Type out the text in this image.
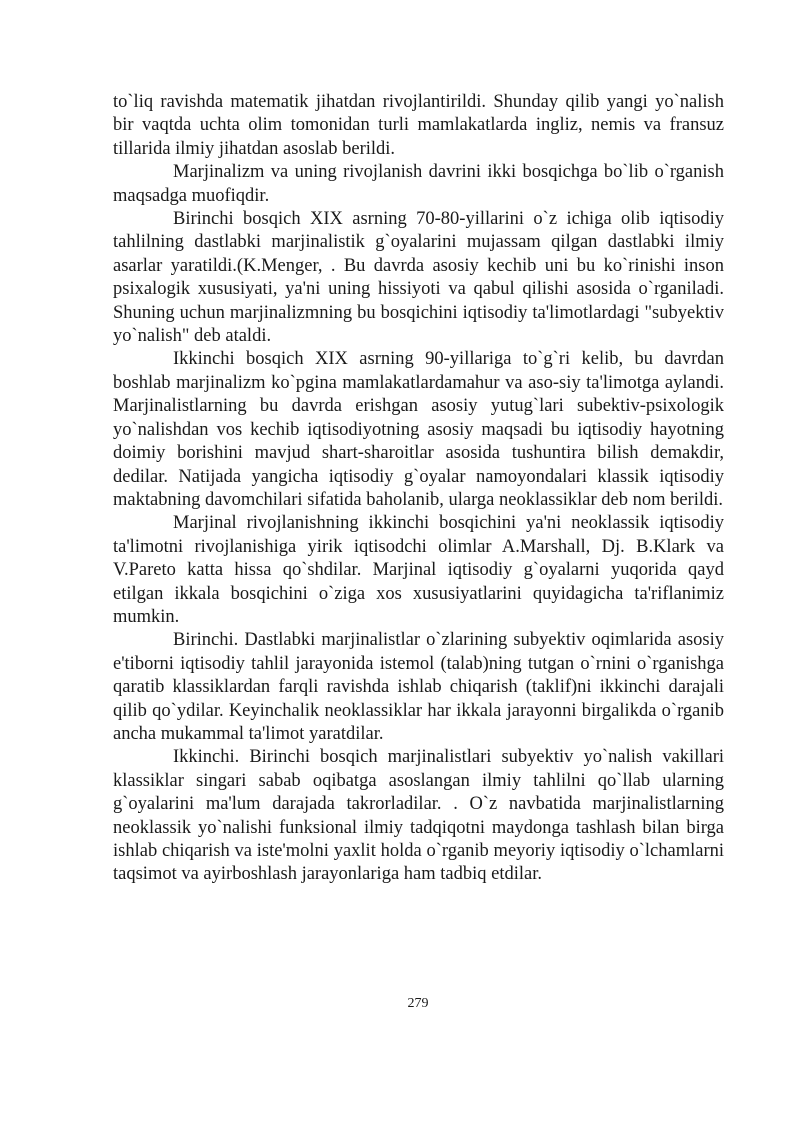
to`liq ravishda matematik jihatdan rivojlantirildi. Shunday qilib yangi yo`nalish bir vaqtda uchta olim tomonidan turli mamlakatlarda ingliz, nemis va fransuz tillarida ilmiy jihatdan asoslab berildi.

Marjinalizm va uning rivojlanish davrini ikki bosqichga bo`lib o`rganish maqsadga muofiqdir.

Birinchi bosqich XIX asrning 70-80-yillarini o`z ichiga olib iqtisodiy tahlilning dastlabki marjinalistik g`oyalarini mujassam qilgan dastlabki ilmiy asarlar yaratildi.(K.Menger, . Bu davrda asosiy kechib uni bu ko`rinishi inson psixalogik xususiyati, ya'ni uning hissiyoti va qabul qilishi asosida o`rganiladi. Shuning uchun marjinalizmning bu bosqichini iqtisodiy ta'limotlardagi "subyektiv yo`nalish" deb ataldi.

Ikkinchi bosqich XIX asrning 90-yillariga to`g`ri kelib, bu davrdan boshlab marjinalizm ko`pgina mamlakatlardamahur va aso-siy ta'limotga aylandi. Marjinalistlarning bu davrda erishgan asosiy yutug`lari subektiv-psixologik yo`nalishdan vos kechib iqtisodiyotning asosiy maqsadi bu iqtisodiy hayotning doimiy borishini mavjud shart-sharoitlar asosida tushuntira bilish demakdir, dedilar. Natijada yangicha iqtisodiy g`oyalar namoyondalari klassik iqtisodiy maktabning davomchilari sifatida baholanib, ularga neoklassiklar deb nom berildi.

Marjinal rivojlanishning ikkinchi bosqichini ya'ni neoklassik iqtisodiy ta'limotni rivojlanishiga yirik iqtisodchi olimlar A.Marshall, Dj. B.Klark va V.Pareto katta hissa qo`shdilar. Marjinal iqtisodiy g`oyalarni yuqorida qayd etilgan ikkala bosqichini o`ziga xos xususiyatlarini quyidagicha ta'riflanimiz mumkin.

Birinchi. Dastlabki marjinalistlar o`zlarining subyektiv oqimlarida asosiy e'tiborni iqtisodiy tahlil jarayonida istemol (talab)ning tutgan o`rnini o`rganishga qaratib klassiklardan farqli ravishda ishlab chiqarish (taklif)ni ikkinchi darajali qilib qo`ydilar. Keyinchalik neoklassiklar har ikkala jarayonni birgalikda o`rganib ancha mukammal ta'limot yaratdilar.

Ikkinchi. Birinchi bosqich marjinalistlari subyektiv yo`nalish vakillari klassiklar singari sabab oqibatga asoslangan ilmiy tahlilni qo`llab ularning g`oyalarini ma'lum darajada takrorladilar. . O`z navbatida marjinalistlarning neoklassik yo`nalishi funksional ilmiy tadqiqotni maydonga tashlash bilan birga ishlab chiqarish va iste'molni yaxlit holda o`rganib meyoriy iqtisodiy o`lchamlarni taqsimot va ayirboshlash jarayonlariga ham tadbiq etdilar.

279
